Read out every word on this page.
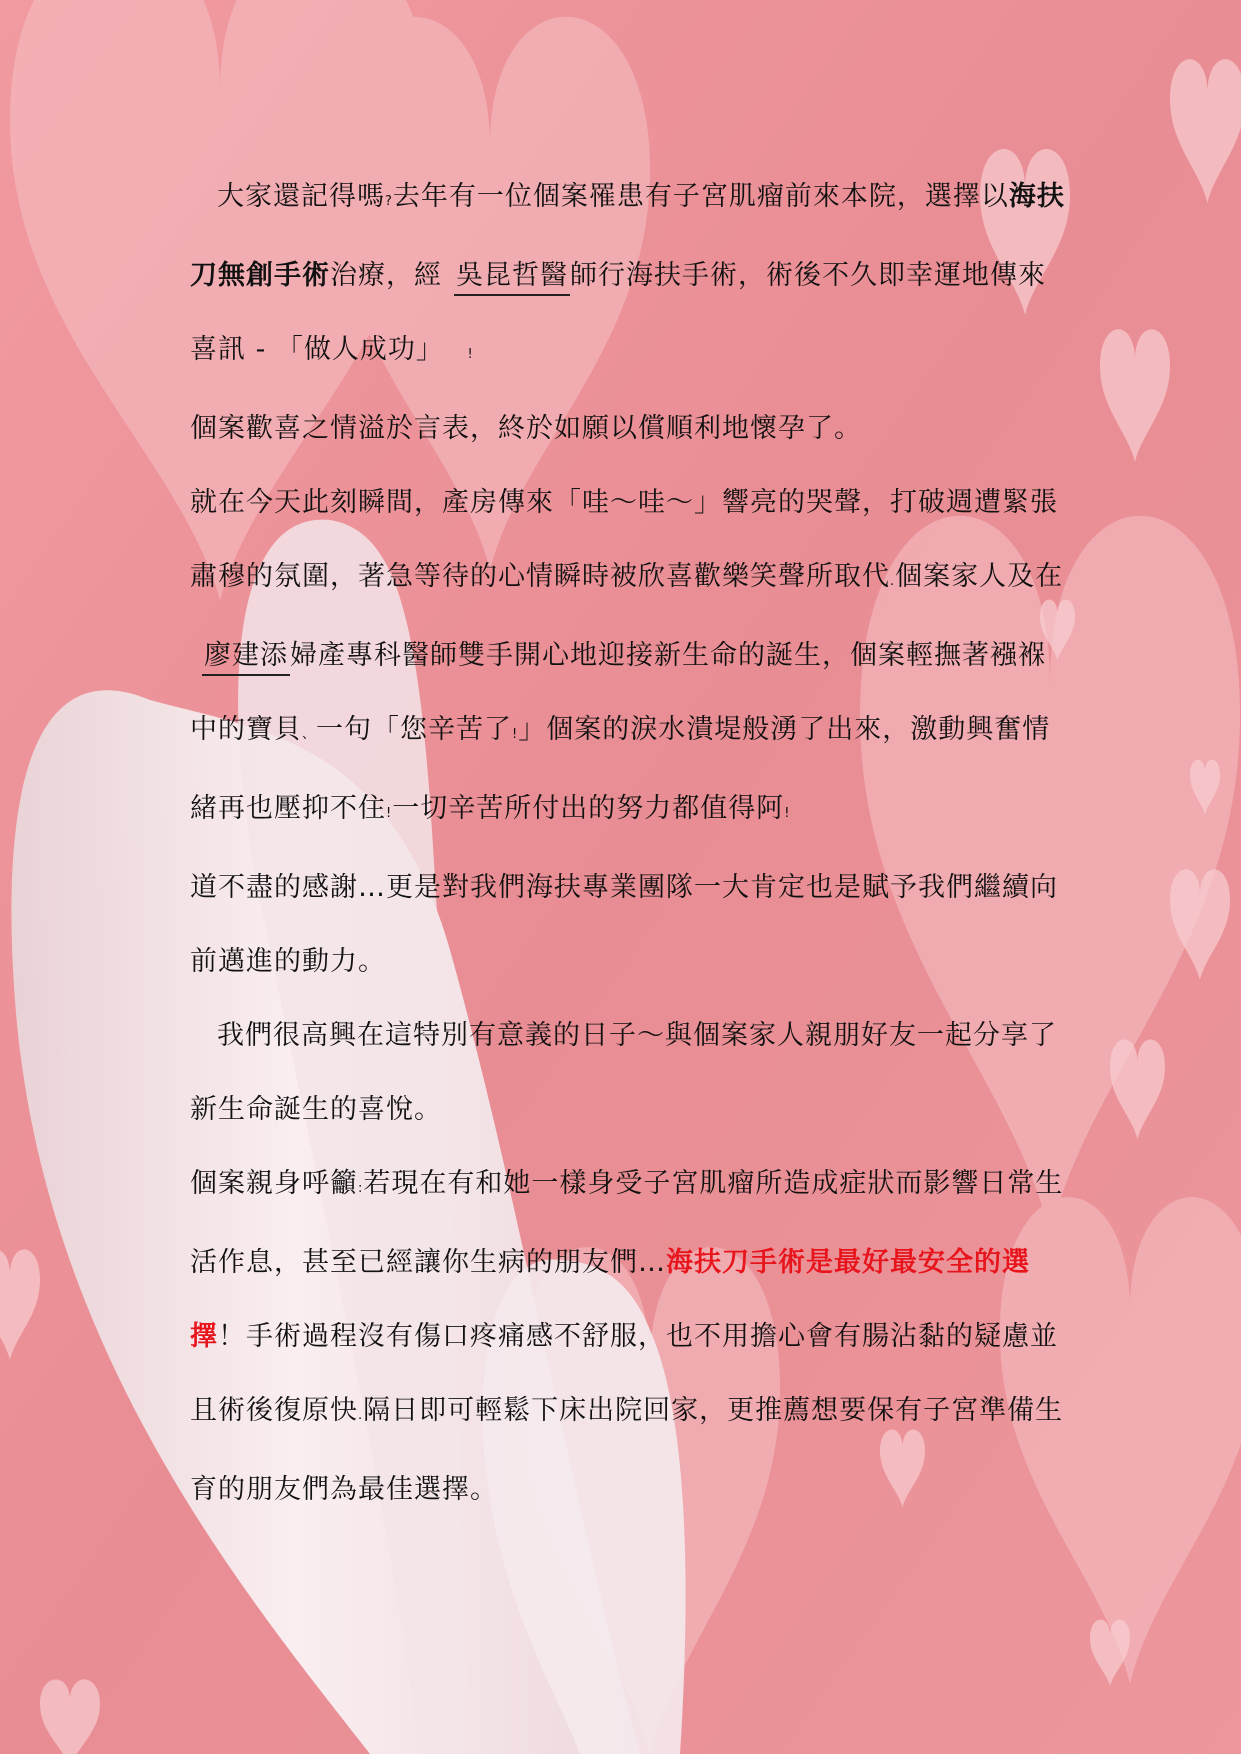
大家還記得嗎?去年有一位個案罹患有子宮肌瘤前來本院，選擇以海扶刀無創手術治療，經 吳昆哲醫師行海扶手術，術後不久即幸運地傳來喜訊 - 「做人成功」 !

個案歡喜之情溢於言表，終於如願以償順利地懷孕了。

就在今天此刻瞬間，產房傳來「哇～哇～」響亮的哭聲，打破週遭緊張肅穆的氛圍，著急等待的心情瞬時被欣喜歡樂笑聲所取代.個案家人及在廖建添婦產專科醫師雙手開心地迎接新生命的誕生，個案輕撫著襁褓中的寶貝、一句「您辛苦了!」個案的淚水潰堤般湧了出來，激動興奮情緒再也壓抑不住!一切辛苦所付出的努力都值得阿!

道不盡的感謝…更是對我們海扶專業團隊一大肯定也是賦予我們繼續向前邁進的動力。

我們很高興在這特別有意義的日子～與個案家人親朋好友一起分享了新生命誕生的喜悅。

個案親身呼籲:若現在有和她一樣身受子宮肌瘤所造成症狀而影響日常生活作息，甚至已經讓你生病的朋友們…海扶刀手術是最好最安全的選擇！手術過程沒有傷口疼痛感不舒服，也不用擔心會有腸沾黏的疑慮並且術後復原快.隔日即可輕鬆下床出院回家，更推薦想要保有子宮準備生育的朋友們為最佳選擇。
